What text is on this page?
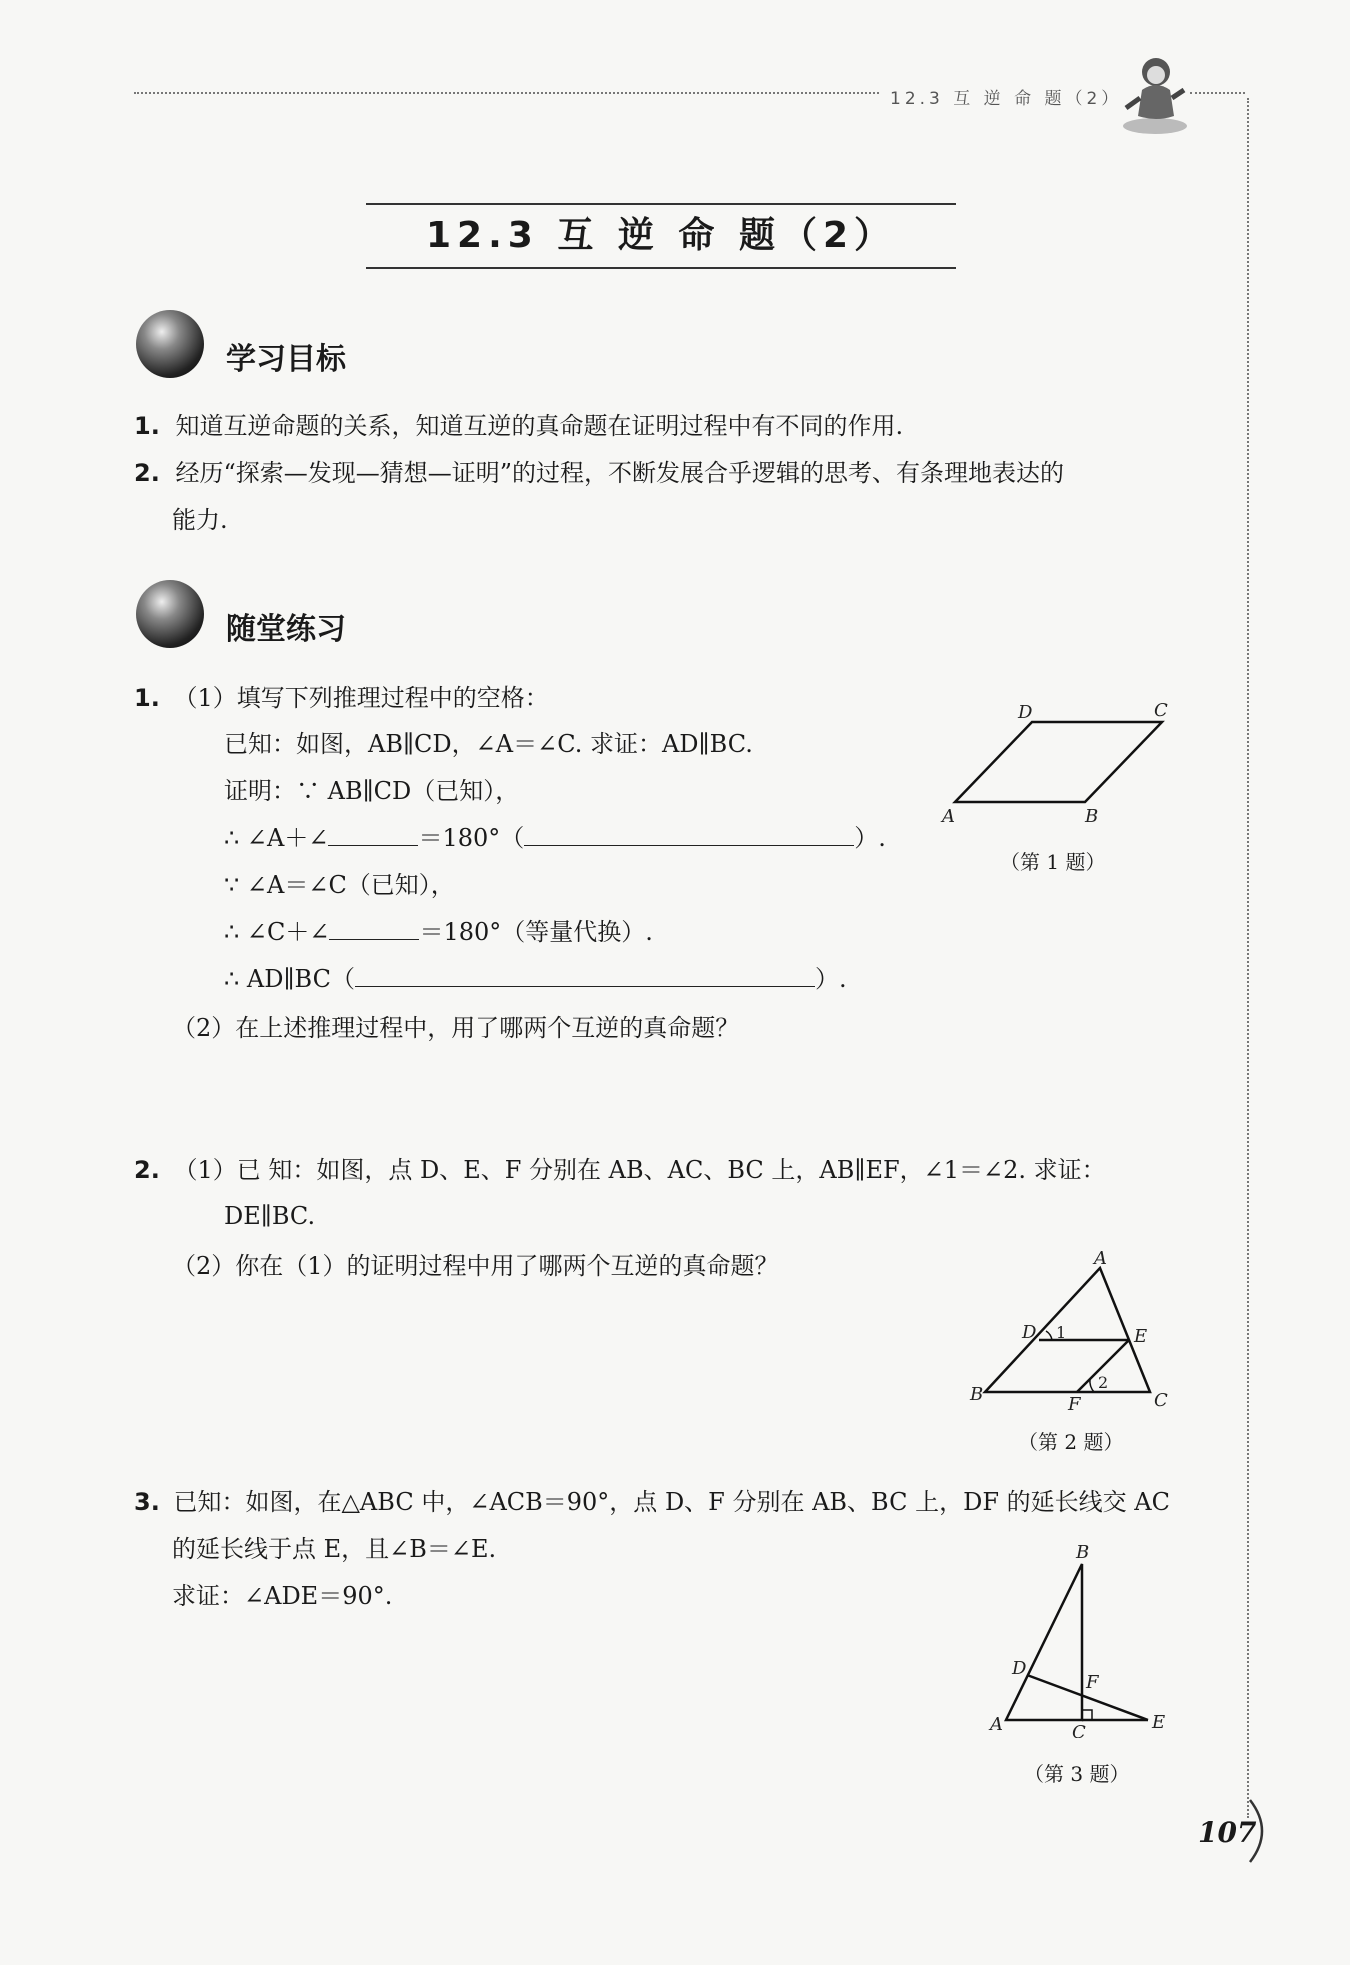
12.3 互 逆 命 题（2）
12.3 互 逆 命 题（2）
学习目标
1. 知道互逆命题的关系，知道互逆的真命题在证明过程中有不同的作用.
2. 经历“探索—发现—猜想—证明”的过程，不断发展合乎逻辑的思考、有条理地表达的
能力.
随堂练习
1. （1）填写下列推理过程中的空格：
已知：如图，AB∥CD，∠A＝∠C. 求证：AD∥BC.
证明：∵ AB∥CD（已知），
∴ ∠A＋∠	＝180°（	）.
∵ ∠A＝∠C（已知），
∴ ∠C＋∠	＝180°（等量代换）.
∴ AD∥BC（	）.
（2）在上述推理过程中，用了哪两个互逆的真命题？
A	B
C
D
（第 1 题）
2. （1）已 知：如图，点 D、E、F 分别在 AB、AC、BC 上，AB∥EF，∠1＝∠2. 求证：
DE∥BC.
（2）你在（1）的证明过程中用了哪两个互逆的真命题？	A
B	C
D	E
F
1
2
（第 2 题）
3. 已知：如图，在△ABC 中，∠ACB＝90°，点 D、F 分别在 AB、BC 上，DF 的延长线交 AC
的延长线于点 E，且∠B＝∠E.
求证：∠ADE＝90°.
B
A	C
D
E
F
（第 3 题）
107
